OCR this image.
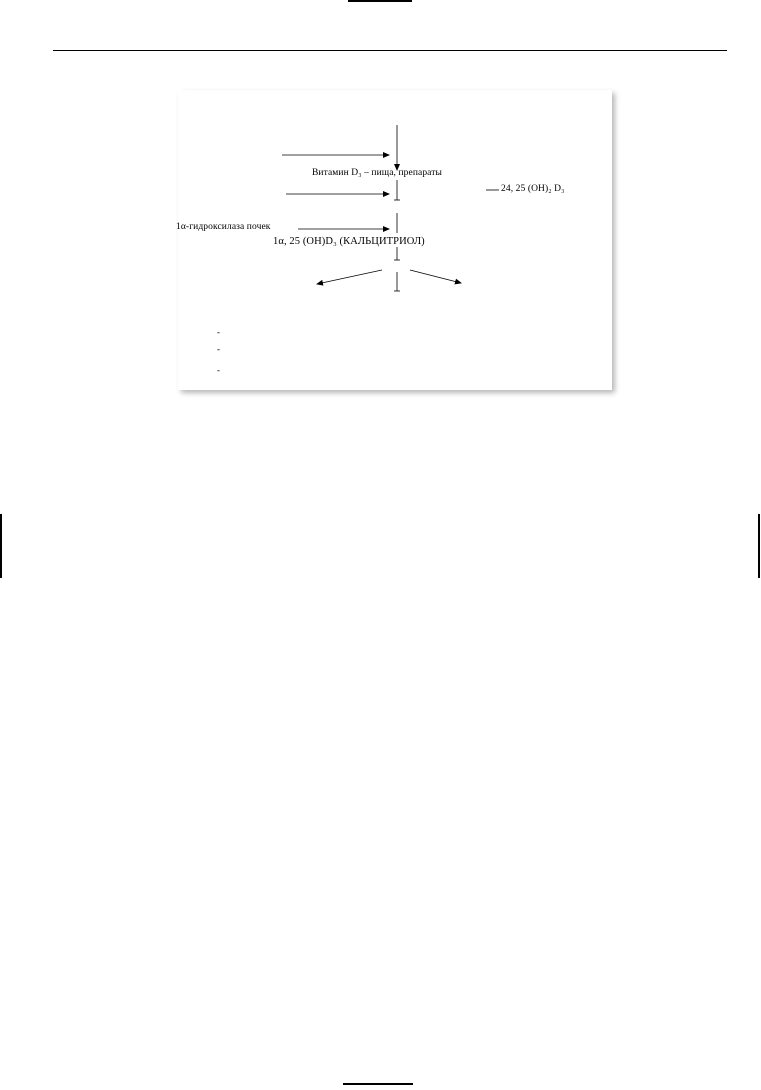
Витамин D₃ – пища, препараты
24, 25 (ОН)₂ D₃
1α-гидроксилаза почек
1α, 25 (ОН)D₃ (КАЛЬЦИТРИОЛ)
-
-
-
